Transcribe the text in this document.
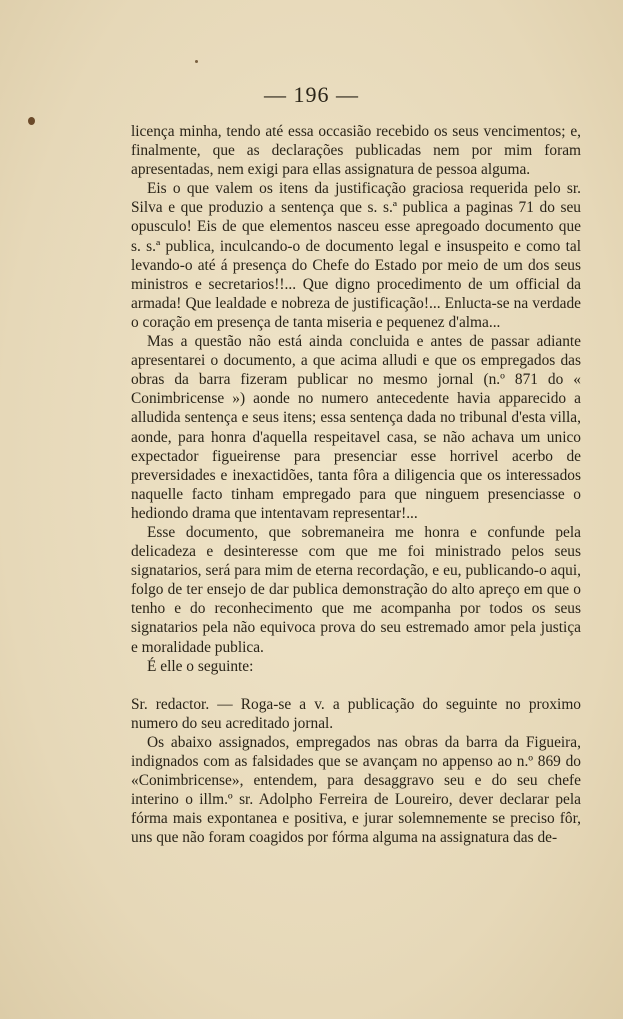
— 196 —

licença minha, tendo até essa occasião recebido os seus vencimentos; e, finalmente, que as declarações publicadas nem por mim foram apresentadas, nem exigi para ellas assignatura de pessoa alguma.

Eis o que valem os itens da justificação graciosa requerida pelo sr. Silva e que produzio a sentença que s. s.ª publica a paginas 71 do seu opusculo! Eis de que elementos nasceu esse apregoado documento que s. s.ª publica, inculcando-o de documento legal e insuspeito e como tal levando-o até á presença do Chefe do Estado por meio de um dos seus ministros e secretarios!!... Que digno procedimento de um official da armada! Que lealdade e nobreza de justificação!... Enlucta-se na verdade o coração em presença de tanta miseria e pequenez d'alma...

Mas a questão não está ainda concluida e antes de passar adiante apresentarei o documento, a que acima alludi e que os empregados das obras da barra fizeram publicar no mesmo jornal (n.º 871 do « Conimbricense ») aonde no numero antecedente havia apparecido a alludida sentença e seus itens; essa sentença dada no tribunal d'esta villa, aonde, para honra d'aquella respeitavel casa, se não achava um unico expectador figueirense para presenciar esse horrivel acerbo de preversidades e inexactidões, tanta fôra a diligencia que os interessados naquelle facto tinham empregado para que ninguem presenciasse o hediondo drama que intentavam representar!...

Esse documento, que sobremaneira me honra e confunde pela delicadeza e desinteresse com que me foi ministrado pelos seus signatarios, será para mim de eterna recordação, e eu, publicando-o aqui, folgo de ter ensejo de dar publica demonstração do alto apreço em que o tenho e do reconhecimento que me acompanha por todos os seus signatarios pela não equivoca prova do seu estremado amor pela justiça e moralidade publica.

É elle o seguinte:

Sr. redactor. — Roga-se a v. a publicação do seguinte no proximo numero do seu acreditado jornal.

Os abaixo assignados, empregados nas obras da barra da Figueira, indignados com as falsidades que se avançam no appenso ao n.º 869 do «Conimbricense», entendem, para desaggravo seu e do seu chefe interino o illm.º sr. Adolpho Ferreira de Loureiro, dever declarar pela fórma mais expontanea e positiva, e jurar solemnemente se preciso fôr, uns que não foram coagidos por fórma alguma na assignatura das de-
